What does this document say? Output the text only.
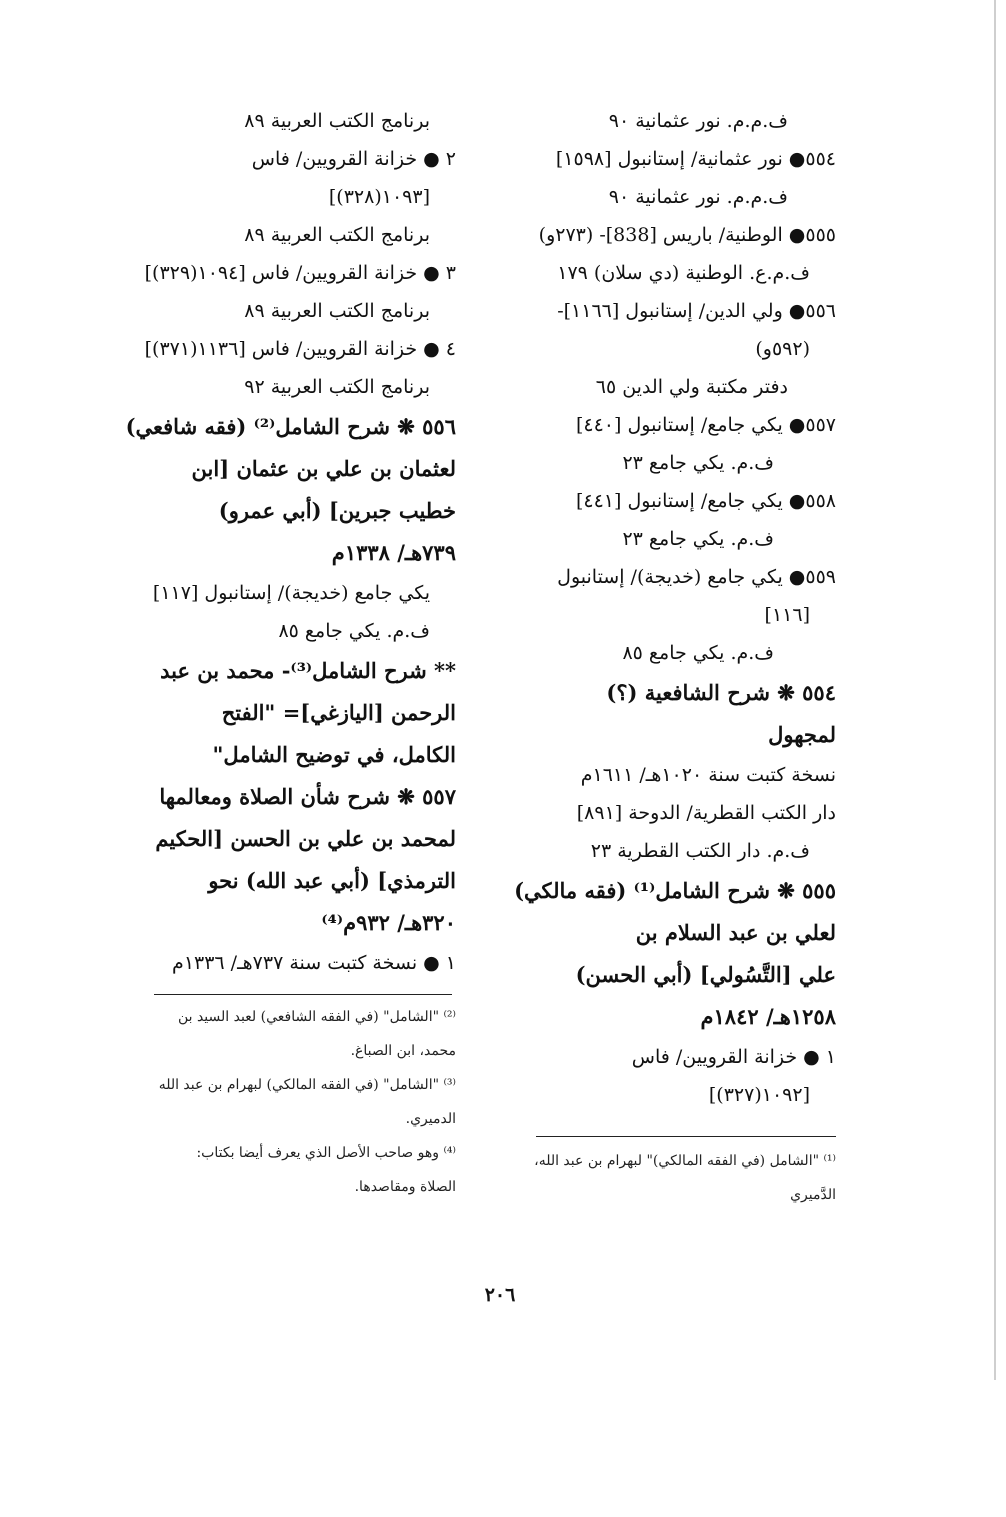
ف.م.م. نور عثمانية ٩٠
٥٥٤● نور عثمانية/ إستانبول [١٥٩٨]
ف.م.م. نور عثمانية ٩٠
٥٥٥● الوطنية/ باريس [838]- (٢٧٣و)
ف.م.ع. الوطنية (دي سلان) ١٧٩
٥٥٦● ولي الدين/ إستانبول [١١٦٦]-
(٥٩٢و)
دفتر مكتبة ولي الدين ٦٥
٥٥٧● يكي جامع/ إستانبول [٤٤٠]
ف.م. يكي جامع ٢٣
٥٥٨● يكي جامع/ إستانبول [٤٤١]
ف.م. يكي جامع ٢٣
٥٥٩● يكي جامع (خديجة)/ إستانبول
[١١٦]
ف.م. يكي جامع ٨٥
٥٥٤ ❋ شرح الشافعية (؟)
لمجهول
نسخة كتبت سنة ١٠٢٠هـ/ ١٦١١م
دار الكتب القطرية/ الدوحة [٨٩١]
ف.م. دار الكتب القطرية ٢٣
٥٥٥ ❋ شرح الشامل⁽¹⁾ (فقه مالكي)
لعلي بن عبد السلام بن
علي [التَّسُولي] (أبي الحسن)
١٢٥٨هـ/ ١٨٤٢م
١ ● خزانة القرويين/ فاس
[١٠٩٢(٣٢٧)]
برنامج الكتب العربية ٨٩
٢ ● خزانة القرويين/ فاس
[١٠٩٣(٣٢٨)]
برنامج الكتب العربية ٨٩
٣ ● خزانة القرويين/ فاس [١٠٩٤(٣٢٩)]
برنامج الكتب العربية ٨٩
٤ ● خزانة القرويين/ فاس [١١٣٦(٣٧١)]
برنامج الكتب العربية ٩٢
٥٥٦ ❋ شرح الشامل⁽²⁾ (فقه شافعي)
لعثمان بن علي بن عثمان [ابن
خطيب جبرين] (أبي عمرو)
٧٣٩هـ/ ١٣٣٨م
يكي جامع (خديجة)/ إستانبول [١١٧]
ف.م. يكي جامع ٨٥
** شرح الشامل⁽³⁾- محمد بن عبد
الرحمن [اليازغي]= "الفتح
الكامل، في توضيح الشامل"
٥٥٧ ❋ شرح شأن الصلاة ومعالمها
لمحمد بن علي بن الحسن [الحكيم
الترمذي] (أبي عبد الله) نحو
٣٢٠هـ/ ٩٣٢م⁽⁴⁾
١ ● نسخة كتبت سنة ٧٣٧هـ/ ١٣٣٦م
⁽²⁾ "الشامل" (في الفقه الشافعي) لعبد السيد بن
محمد، ابن الصباغ.
⁽³⁾ "الشامل" (في الفقه المالكي) لبهرام بن عبد الله
الدميري.
⁽⁴⁾ وهو صاحب الأصل الذي يعرف أيضا بكتاب:
الصلاة ومقاصدها.
⁽¹⁾ "الشامل (في الفقه المالكي)" لبهرام بن عبد الله،
الدَّميري
٢٠٦
